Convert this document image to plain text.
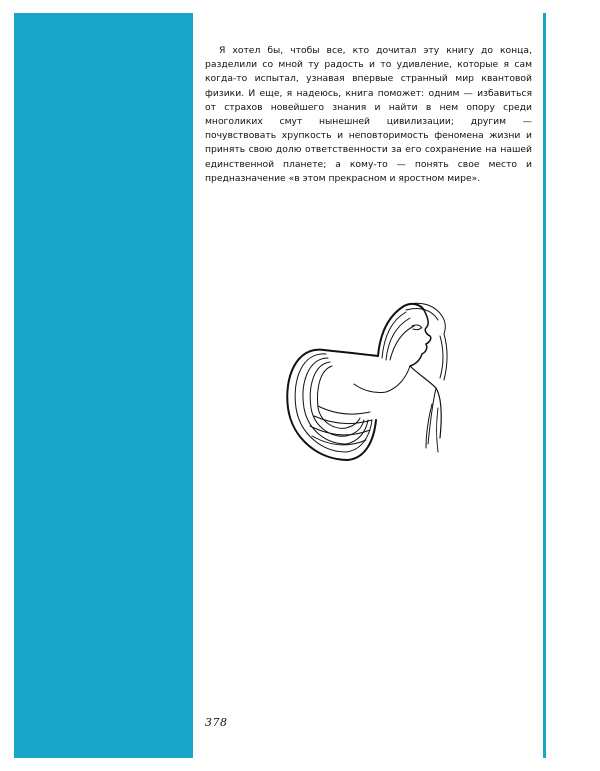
Я хотел бы, чтобы все, кто дочитал эту книгу до конца, разделили со мной ту радость и то удивление, которые я сам когда-то испытал, узнавая впервые странный мир квантовой физики. И еще, я надеюсь, книга поможет: одним — избавиться от страхов новейшего знания и найти в нем опору среди многоликих смут нынешней цивилизации; другим — почувствовать хрупкость и неповторимость феномена жизни и принять свою долю ответственности за его сохранение на нашей единственной планете; а кому-то — понять свое место и предназначение «в этом прекрасном и яростном мире».

378
